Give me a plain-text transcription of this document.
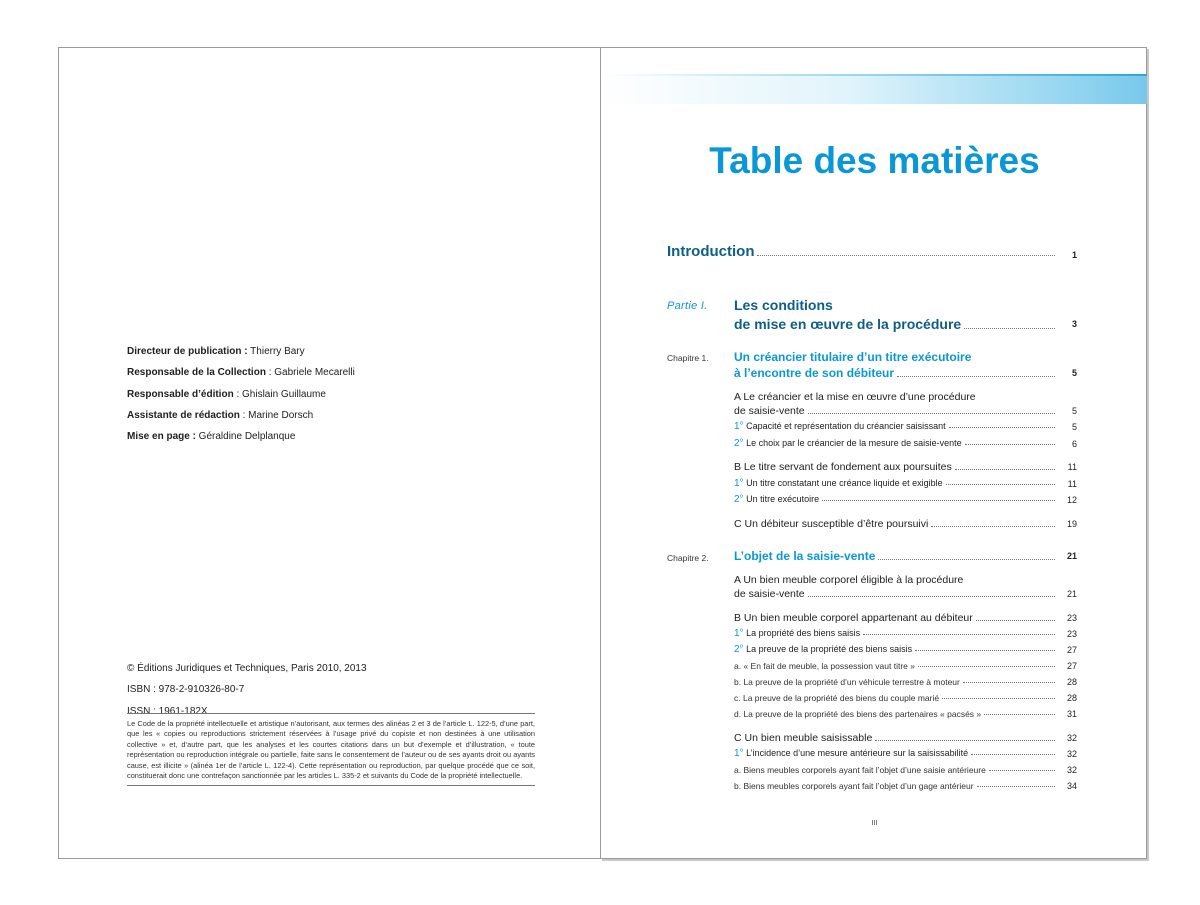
Directeur de publication : Thierry Bary
Responsable de la Collection : Gabriele Mecarelli
Responsable d’édition : Ghislain Guillaume
Assistante de rédaction : Marine Dorsch
Mise en page : Géraldine Delplanque
© Éditions Juridiques et Techniques, Paris 2010, 2013
ISBN : 978-2-910326-80-7
ISSN : 1961-182X
Le Code de la propriété intellectuelle et artistique n’autorisant, aux termes des alinéas 2 et 3 de l’article L. 122-5, d’une part, que les « copies ou reproductions strictement réservées à l’usage privé du copiste et non destinées à une utilisation collective » et, d’autre part, que les analyses et les courtes citations dans un but d’exemple et d’illustration, « toute représentation ou reproduction intégrale ou partielle, faite sans le consentement de l’auteur ou de ses ayants droit ou ayants cause, est illicite » (alinéa 1er de l’article L. 122-4). Cette représentation ou reproduction, par quelque procédé que ce soit, constituerait donc une contrefaçon sanctionnée par les articles L. 335-2 et suivants du Code de la propriété intellectuelle.
Table des matières
Introduction	1
Partie I. Les conditions
de mise en œuvre de la procédure	3
Chapitre 1. Un créancier titulaire d’un titre exécutoire
à l’encontre de son débiteur	5
A Le créancier et la mise en œuvre d’une procédure
de saisie-vente	5
1° Capacité et représentation du créancier saisissant	5
2° Le choix par le créancier de la mesure de saisie-vente	6
B Le titre servant de fondement aux poursuites	11
1° Un titre constatant une créance liquide et exigible	11
2° Un titre exécutoire	12
C Un débiteur susceptible d’être poursuivi	19
Chapitre 2. L’objet de la saisie-vente	21
A Un bien meuble corporel éligible à la procédure
de saisie-vente	21
B Un bien meuble corporel appartenant au débiteur	23
1° La propriété des biens saisis	23
2° La preuve de la propriété des biens saisis	27
a. « En fait de meuble, la possession vaut titre »	27
b. La preuve de la propriété d’un véhicule terrestre à moteur	28
c. La preuve de la propriété des biens du couple marié	28
d. La preuve de la propriété des biens des partenaires « pacsés »	31
C Un bien meuble saisissable	32
1° L’incidence d’une mesure antérieure sur la saisissabilité	32
a. Biens meubles corporels ayant fait l’objet d’une saisie antérieure	32
b. Biens meubles corporels ayant fait l’objet d’un gage antérieur	34
III
